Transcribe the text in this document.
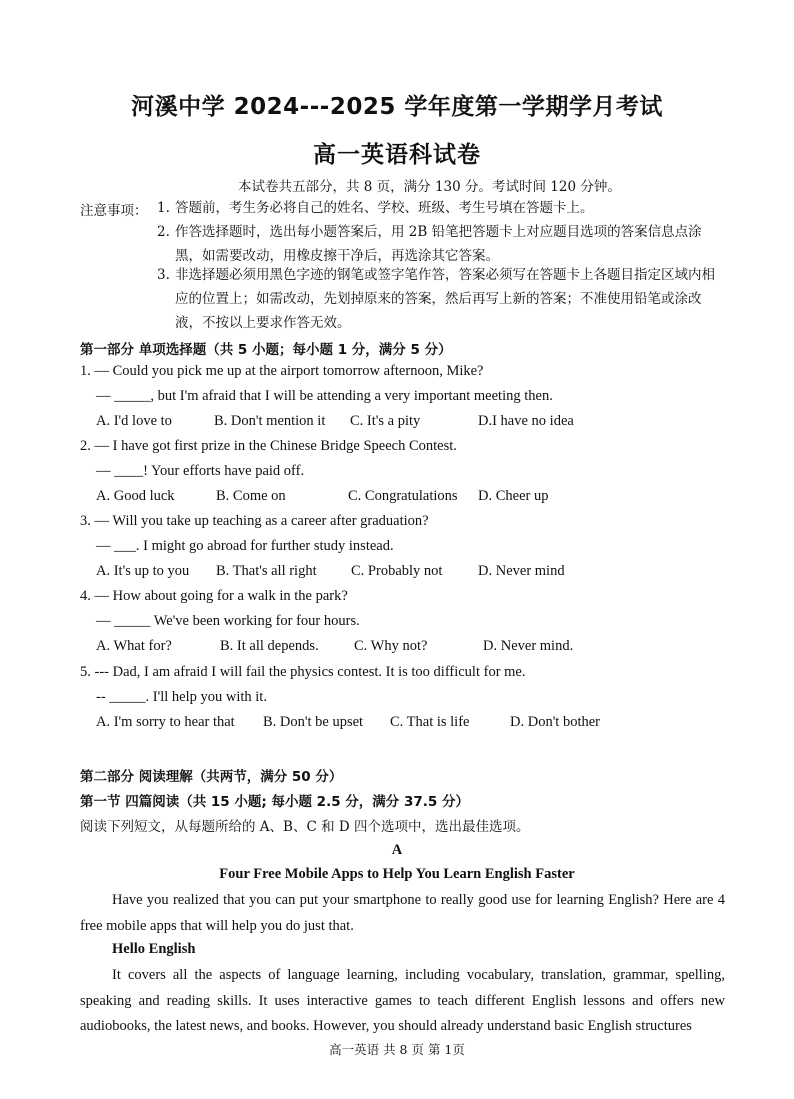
河溪中学 2024---2025 学年度第一学期学月考试
高一英语科试卷
本试卷共五部分，共 8 页，满分 130 分。考试时间 120 分钟。
注意事项： 1. 答题前，考生务必将自己的姓名、学校、班级、考生号填在答题卡上。
2. 作答选择题时，选出每小题答案后，用 2B 铅笔把答题卡上对应题目选项的答案信息点涂黑，如需要改动，用橡皮擦干净后，再选涂其它答案。
3. 非选择题必须用黑色字迹的钢笔或签字笔作答，答案必须写在答题卡上各题目指定区域内相应的位置上；如需改动，先划掉原来的答案，然后再写上新的答案；不准使用铅笔或涂改液，不按以上要求作答无效。
第一部分 单项选择题（共 5 小题；每小题 1 分，满分 5 分）
1. — Could you pick me up at the airport tomorrow afternoon, Mike?
— _____, but I'm afraid that I will be attending a very important meeting then.
A. I'd love to	B. Don't mention it C. It's a pity	D.I have no idea
2. — I have got first prize in the Chinese Bridge Speech Contest.
— ____! Your efforts have paid off.
A. Good luck	B. Come on	C. Congratulations D. Cheer up
3. — Will you take up teaching as a career after graduation?
— ___. I might go abroad for further study instead.
A. It's up to you B. That's all right C. Probably not D. Never mind
4. — How about going for a walk in the park?
— _____ We've been working for four hours.
A. What for?	B. It all depends. C. Why not?	D. Never mind.
5. --- Dad, I am afraid I will fail the physics contest. It is too difficult for me.
-- _____. I'll help you with it.
A. I'm sorry to hear that B. Don't be upset C. That is life	D. Don't bother
第二部分 阅读理解（共两节，满分 50 分）
第一节 四篇阅读（共 15 小题; 每小题 2.5 分，满分 37.5 分）
阅读下列短文，从每题所给的 A、B、C 和 D 四个选项中，选出最佳选项。
A
Four Free Mobile Apps to Help You Learn English Faster
Have you realized that you can put your smartphone to really good use for learning English? Here are 4 free mobile apps that will help you do just that.
Hello English
It covers all the aspects of language learning, including vocabulary, translation, grammar, spelling, speaking and reading skills. It uses interactive games to teach different English lessons and offers new audiobooks, the latest news, and books. However, you should already understand basic English structures
高一英语 共 8 页 第 1页
